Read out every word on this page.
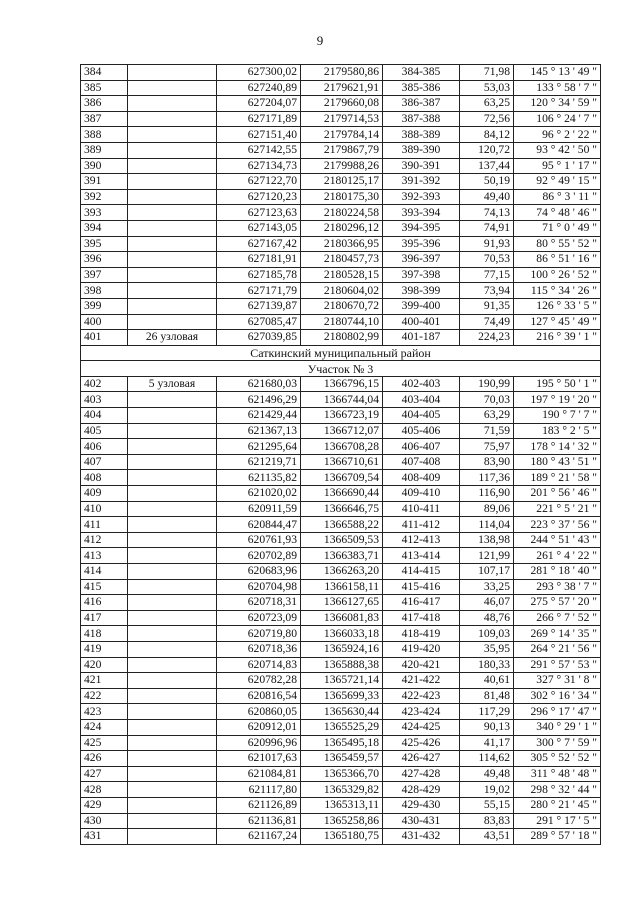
9
384		627300,02	2179580,86	384-385	71,98	145 ° 13 ' 49 "
385		627240,89	2179621,91	385-386	53,03	133 ° 58 ' 7 "
386		627204,07	2179660,08	386-387	63,25	120 ° 34 ' 59 "
387		627171,89	2179714,53	387-388	72,56	106 ° 24 ' 7 "
388		627151,40	2179784,14	388-389	84,12	96 ° 2 ' 22 "
389		627142,55	2179867,79	389-390	120,72	93 ° 42 ' 50 "
390		627134,73	2179988,26	390-391	137,44	95 ° 1 ' 17 "
391		627122,70	2180125,17	391-392	50,19	92 ° 49 ' 15 "
392		627120,23	2180175,30	392-393	49,40	86 ° 3 ' 11 "
393		627123,63	2180224,58	393-394	74,13	74 ° 48 ' 46 "
394		627143,05	2180296,12	394-395	74,91	71 ° 0 ' 49 "
395		627167,42	2180366,95	395-396	91,93	80 ° 55 ' 52 "
396		627181,91	2180457,73	396-397	70,53	86 ° 51 ' 16 "
397		627185,78	2180528,15	397-398	77,15	100 ° 26 ' 52 "
398		627171,79	2180604,02	398-399	73,94	115 ° 34 ' 26 "
399		627139,87	2180670,72	399-400	91,35	126 ° 33 ' 5 "
400		627085,47	2180744,10	400-401	74,49	127 ° 45 ' 49 "
401	26 узловая	627039,85	2180802,99	401-187	224,23	216 ° 39 ' 1 "
Саткинский муниципальный район						
Участок № 3						
402	5 узловая	621680,03	1366796,15	402-403	190,99	195 ° 50 ' 1 "
403		621496,29	1366744,04	403-404	70,03	197 ° 19 ' 20 "
404		621429,44	1366723,19	404-405	63,29	190 ° 7 ' 7 "
405		621367,13	1366712,07	405-406	71,59	183 ° 2 ' 5 "
406		621295,64	1366708,28	406-407	75,97	178 ° 14 ' 32 "
407		621219,71	1366710,61	407-408	83,90	180 ° 43 ' 51 "
408		621135,82	1366709,54	408-409	117,36	189 ° 21 ' 58 "
409		621020,02	1366690,44	409-410	116,90	201 ° 56 ' 46 "
410		620911,59	1366646,75	410-411	89,06	221 ° 5 ' 21 "
411		620844,47	1366588,22	411-412	114,04	223 ° 37 ' 56 "
412		620761,93	1366509,53	412-413	138,98	244 ° 51 ' 43 "
413		620702,89	1366383,71	413-414	121,99	261 ° 4 ' 22 "
414		620683,96	1366263,20	414-415	107,17	281 ° 18 ' 40 "
415		620704,98	1366158,11	415-416	33,25	293 ° 38 ' 7 "
416		620718,31	1366127,65	416-417	46,07	275 ° 57 ' 20 "
417		620723,09	1366081,83	417-418	48,76	266 ° 7 ' 52 "
418		620719,80	1366033,18	418-419	109,03	269 ° 14 ' 35 "
419		620718,36	1365924,16	419-420	35,95	264 ° 21 ' 56 "
420		620714,83	1365888,38	420-421	180,33	291 ° 57 ' 53 "
421		620782,28	1365721,14	421-422	40,61	327 ° 31 ' 8 "
422		620816,54	1365699,33	422-423	81,48	302 ° 16 ' 34 "
423		620860,05	1365630,44	423-424	117,29	296 ° 17 ' 47 "
424		620912,01	1365525,29	424-425	90,13	340 ° 29 ' 1 "
425		620996,96	1365495,18	425-426	41,17	300 ° 7 ' 59 "
426		621017,63	1365459,57	426-427	114,62	305 ° 52 ' 52 "
427		621084,81	1365366,70	427-428	49,48	311 ° 48 ' 48 "
428		621117,80	1365329,82	428-429	19,02	298 ° 32 ' 44 "
429		621126,89	1365313,11	429-430	55,15	280 ° 21 ' 45 "
430		621136,81	1365258,86	430-431	83,83	291 ° 17 ' 5 "
431		621167,24	1365180,75	431-432	43,51	289 ° 57 ' 18 "
